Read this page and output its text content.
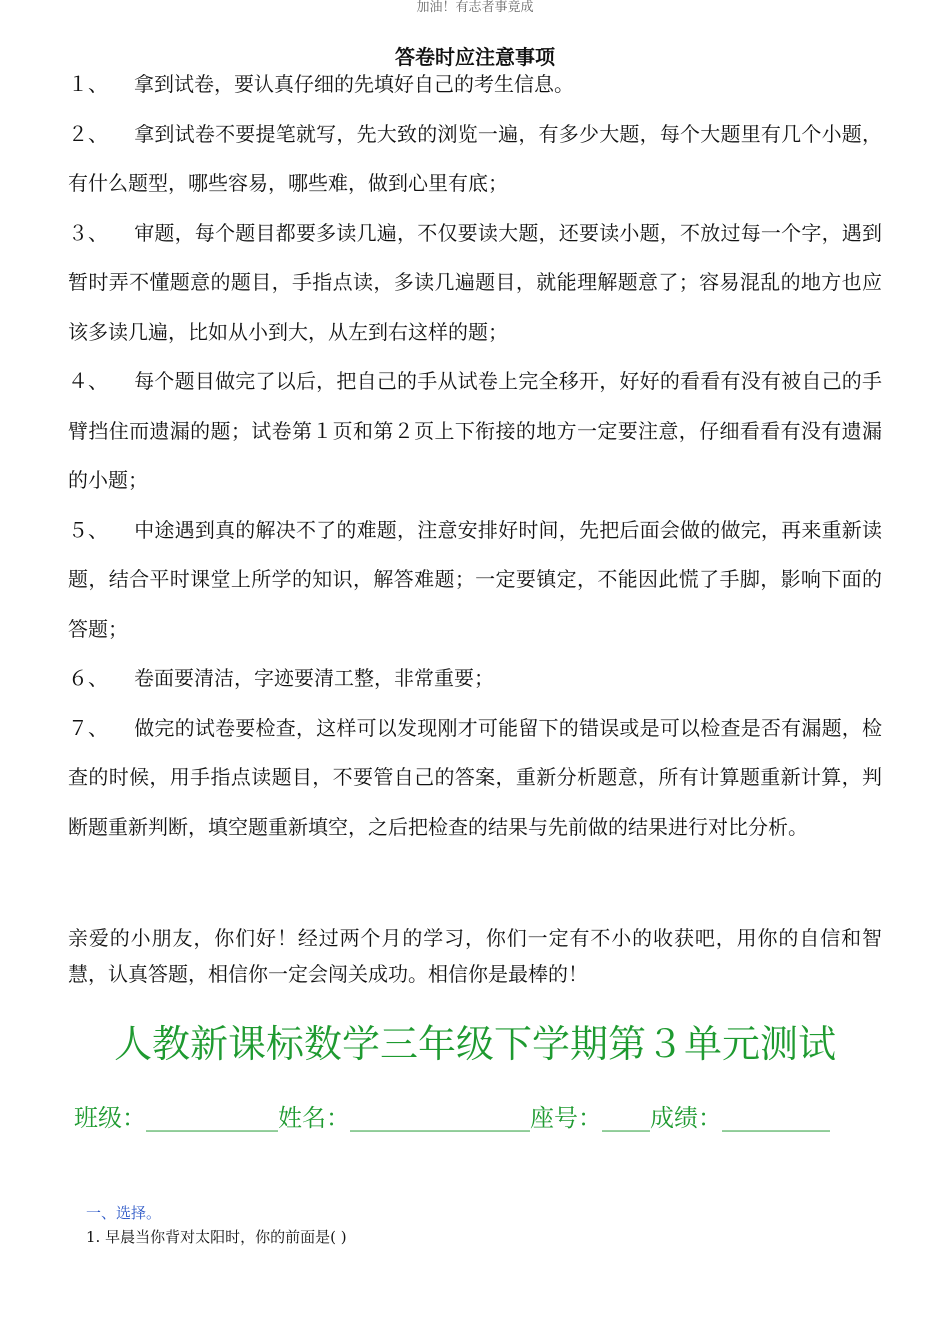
加油！有志者事竟成
答卷时应注意事项

１、 拿到试卷，要认真仔细的先填好自己的考生信息。

２、 拿到试卷不要提笔就写，先大致的浏览一遍，有多少大题，每个大题里有几个小题，有什么题型，哪些容易，哪些难，做到心里有底；

３、 审题，每个题目都要多读几遍，不仅要读大题，还要读小题，不放过每一个字，遇到暂时弄不懂题意的题目，手指点读，多读几遍题目，就能理解题意了；容易混乱的地方也应该多读几遍，比如从小到大，从左到右这样的题；

４、 每个题目做完了以后，把自己的手从试卷上完全移开，好好的看看有没有被自己的手臂挡住而遗漏的题；试卷第１页和第２页上下衔接的地方一定要注意，仔细看看有没有遗漏的小题；

５、 中途遇到真的解决不了的难题，注意安排好时间，先把后面会做的做完，再来重新读题，结合平时课堂上所学的知识，解答难题；一定要镇定，不能因此慌了手脚，影响下面的答题；

６、 卷面要清洁，字迹要清工整，非常重要；

７、 做完的试卷要检查，这样可以发现刚才可能留下的错误或是可以检查是否有漏题，检查的时候，用手指点读题目，不要管自己的答案，重新分析题意，所有计算题重新计算，判断题重新判断，填空题重新填空，之后把检查的结果与先前做的结果进行对比分析。

亲爱的小朋友，你们好！经过两个月的学习，你们一定有不小的收获吧，用你的自信和智慧，认真答题，相信你一定会闯关成功。相信你是最棒的！

人教新课标数学三年级下学期第３单元测试
班级：___________姓名：_______________座号：____成绩：_________
一、选择。
1. 早晨当你背对太阳时，你的前面是( )
